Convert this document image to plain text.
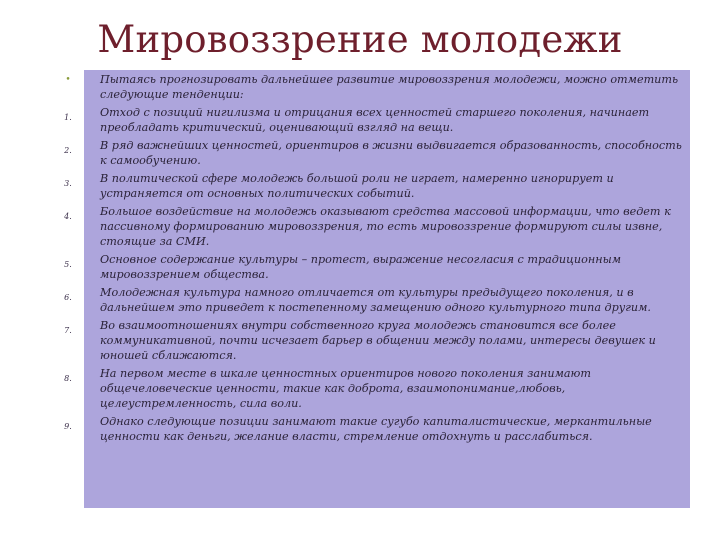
Мировоззрение молодежи
•	Пытаясь прогнозировать дальнейшее развитие мировоззрения молодежи, можно отметить следующие тенденции:
1.	Отход с позиций нигилизма и отрицания всех ценностей старшего поколения, начинает преобладать критический, оценивающий взгляд на вещи.
2.	В ряд важнейших ценностей, ориентиров в жизни выдвигается образованность, способность к самообучению.
3.	В политической сфере молодежь большой роли не играет, намеренно игнорирует и устраняется от основных политических событий.
4.	Большое воздействие на молодежь оказывают средства массовой информации, что ведет к пассивному формированию мировоззрения, то есть мировоззрение формируют силы извне, стоящие за СМИ.
5.	Основное содержание культуры – протест, выражение несогласия с традиционным мировоззрением общества.
6.	Молодежная культура намного отличается от культуры предыдущего поколения, и в дальнейшем это приведет к постепенному замещению одного культурного типа другим.
7.	Во взаимоотношениях внутри собственного круга молодежь становится все более коммуникативной, почти исчезает барьер в общении между полами, интересы девушек и юношей сближаются.
8.	На первом месте в шкале ценностных ориентиров нового поколения занимают общечеловеческие ценности, такие как доброта, взаимопонимание,любовь, целеустремленность, сила воли.
9.	Однако следующие позиции занимают такие сугубо капиталистические, меркантильные ценности как деньги, желание власти, стремление отдохнуть и расслабиться.
